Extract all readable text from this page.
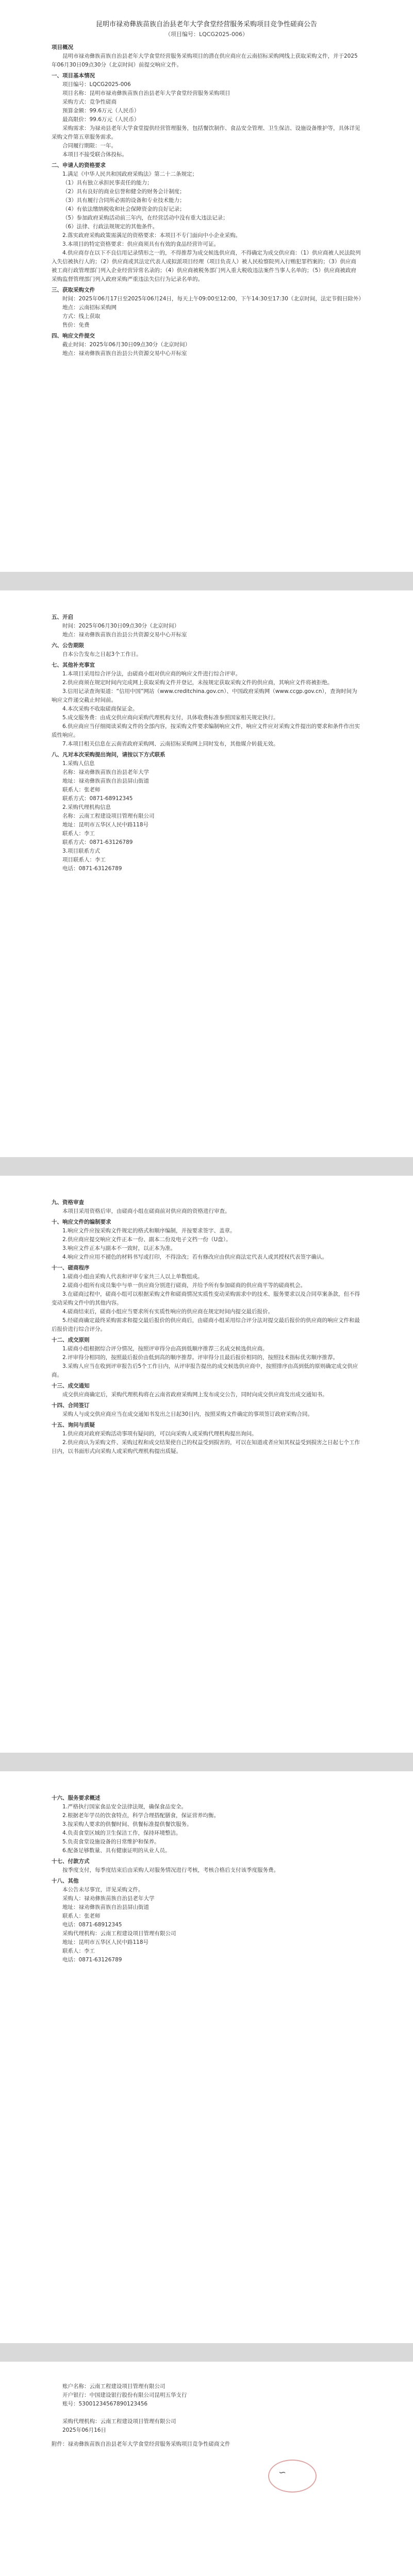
昆明市禄劝彝族苗族自治县老年大学食堂经营服务采购项目竞争性磋商公告
（项目编号：LQCG2025-006）

项目概况

昆明市禄劝彝族苗族自治县老年大学食堂经营服务采购项目的潜在供应商应在云南招标采购网线上获取采购文件，并于2025年06月30日09点30分（北京时间）前提交响应文件。

一、项目基本情况

项目编号：LQCG2025-006

项目名称：昆明市禄劝彝族苗族自治县老年大学食堂经营服务采购项目

采购方式：竞争性磋商

预算金额：99.6万元（人民币）

最高限价：99.6万元（人民币）

采购需求：为禄劝县老年大学食堂提供经营管理服务，包括餐饮制作、食品安全管理、卫生保洁、设施设备维护等，具体详见采购文件第五章服务需求。

合同履行期限：一年。

本项目不接受联合体投标。

二、申请人的资格要求

1.满足《中华人民共和国政府采购法》第二十二条规定；

（1）具有独立承担民事责任的能力；

（2）具有良好的商业信誉和健全的财务会计制度；

（3）具有履行合同所必需的设备和专业技术能力；

（4）有依法缴纳税收和社会保障资金的良好记录；

（5）参加政府采购活动前三年内，在经营活动中没有重大违法记录；

（6）法律、行政法规规定的其他条件。

2.落实政府采购政策需满足的资格要求：本项目不专门面向中小企业采购。

3.本项目的特定资格要求：供应商须具有有效的食品经营许可证。

4.供应商存在以下不良信用记录情形之一的，不得推荐为成交候选供应商，不得确定为成交供应商：（1）供应商被人民法院列入失信被执行人的；（2）供应商或其法定代表人或拟派项目经理（项目负责人）被人民检察院列入行贿犯罪档案的；（3）供应商被工商行政管理部门列入企业经营异常名录的；（4）供应商被税务部门列入重大税收违法案件当事人名单的；（5）供应商被政府采购监督管理部门列入政府采购严重违法失信行为记录名单的。

三、获取采购文件

时间：2025年06月17日至2025年06月24日，每天上午09:00至12:00，下午14:30至17:30（北京时间，法定节假日除外）

地点：云南招标采购网

方式：线上获取

售价：免费

四、响应文件提交

截止时间：2025年06月30日09点30分（北京时间）

地点：禄劝彝族苗族自治县公共资源交易中心开标室

五、开启

时间：2025年06月30日09点30分（北京时间）

地点：禄劝彝族苗族自治县公共资源交易中心开标室

六、公告期限

自本公告发布之日起3个工作日。

七、其他补充事宜

1.本项目采用综合评分法，由磋商小组对供应商的响应文件进行综合评审。

2.供应商须在规定时间内完成网上获取采购文件并登记，未按规定获取采购文件的供应商，其响应文件将被拒绝。

3.信用记录查询渠道：“信用中国”网站（www.creditchina.gov.cn）、中国政府采购网（www.ccgp.gov.cn），查询时间为响应文件递交截止时间前。

4.本次采购不收取磋商保证金。

5.成交服务费：由成交供应商向采购代理机构支付，具体收费标准参照国家相关规定执行。

6.供应商应当仔细阅读采购文件的全部内容，按采购文件要求编制响应文件，响应文件应对采购文件提出的要求和条件作出实质性响应。

7.本项目相关信息在云南省政府采购网、云南招标采购网上同时发布，其他媒介转载无效。

八、凡对本次采购提出询问，请按以下方式联系

1.采购人信息

名称：禄劝彝族苗族自治县老年大学

地址：禄劝彝族苗族自治县屏山街道

联系人：张老师

联系方式：0871-68912345

2.采购代理机构信息

名称：云南工程建设项目管理有限公司

地址：昆明市五华区人民中路118号

联系人：李工

联系方式：0871-63126789

3.项目联系方式

项目联系人：李工

电话：0871-63126789

九、资格审查

本项目采用资格后审，由磋商小组在磋商前对供应商的资格进行审查。

十、响应文件的编制要求

1.响应文件应按采购文件规定的格式和顺序编制，并按要求签字、盖章。

2.供应商应提交响应文件正本一份、副本二份及电子文档一份（U盘）。

3.响应文件正本与副本不一致时，以正本为准。

4.响应文件应用不褪色的材料书写或打印，不得涂改；若有修改应由供应商法定代表人或其授权代表签字确认。

十一、磋商程序

1.磋商小组由采购人代表和评审专家共三人以上单数组成。

2.磋商小组所有成员集中与单一供应商分别进行磋商，并给予所有参加磋商的供应商平等的磋商机会。

3.在磋商过程中，磋商小组可以根据采购文件和磋商情况实质性变动采购需求中的技术、服务要求以及合同草案条款，但不得变动采购文件中的其他内容。

4.磋商结束后，磋商小组应当要求所有实质性响应的供应商在规定时间内提交最后报价。

5.经磋商确定最终采购需求和提交最后报价的供应商后，由磋商小组采用综合评分法对提交最后报价的供应商的响应文件和最后报价进行综合评分。

十二、成交原则

1.磋商小组根据综合评分情况，按照评审得分由高到低顺序推荐三名成交候选供应商。

2.评审得分相同的，按照最后报价由低到高的顺序推荐。评审得分且最后报价相同的，按照技术指标优劣顺序推荐。

3.采购人应当在收到评审报告后5个工作日内，从评审报告提出的成交候选供应商中，按照排序由高到低的原则确定成交供应商。

十三、成交通知

成交供应商确定后，采购代理机构将在云南省政府采购网上发布成交公告，同时向成交供应商发出成交通知书。

十四、合同签订

采购人与成交供应商应当在成交通知书发出之日起30日内，按照采购文件确定的事项签订政府采购合同。

十五、询问与质疑

1.供应商对政府采购活动事项有疑问的，可以向采购人或采购代理机构提出询问。

2.供应商认为采购文件、采购过程和成交结果使自己的权益受到损害的，可以在知道或者应知其权益受到损害之日起七个工作日内，以书面形式向采购人或采购代理机构提出质疑。

十六、服务要求概述

1.严格执行国家食品安全法律法规，确保食品安全。

2.根据老年学员的饮食特点，科学合理搭配膳食，保证营养均衡。

3.按采购人要求的供餐时间、供餐标准提供餐饮服务。

4.负责食堂区域的卫生保洁工作，保持环境整洁。

5.负责食堂设施设备的日常维护和保养。

6.配备足够数量、具有健康证明的从业人员。

十七、付款方式

按季度支付，每季度结束后由采购人对服务情况进行考核，考核合格后支付该季度服务费。

十八、其他

本公告未尽事宜，详见采购文件。

采购人：禄劝彝族苗族自治县老年大学

地址：禄劝彝族苗族自治县屏山街道

联系人：张老师

电话：0871-68912345

采购代理机构：云南工程建设项目管理有限公司

地址：昆明市五华区人民中路118号

联系人：李工

电话：0871-63126789

账户名称：云南工程建设项目管理有限公司

开户银行：中国建设银行股份有限公司昆明五华支行

账号：53001234567890123456

采购代理机构：云南工程建设项目管理有限公司

2025年06月16日

附件：禄劝彝族苗族自治县老年大学食堂经营服务采购项目竞争性磋商文件

∽
